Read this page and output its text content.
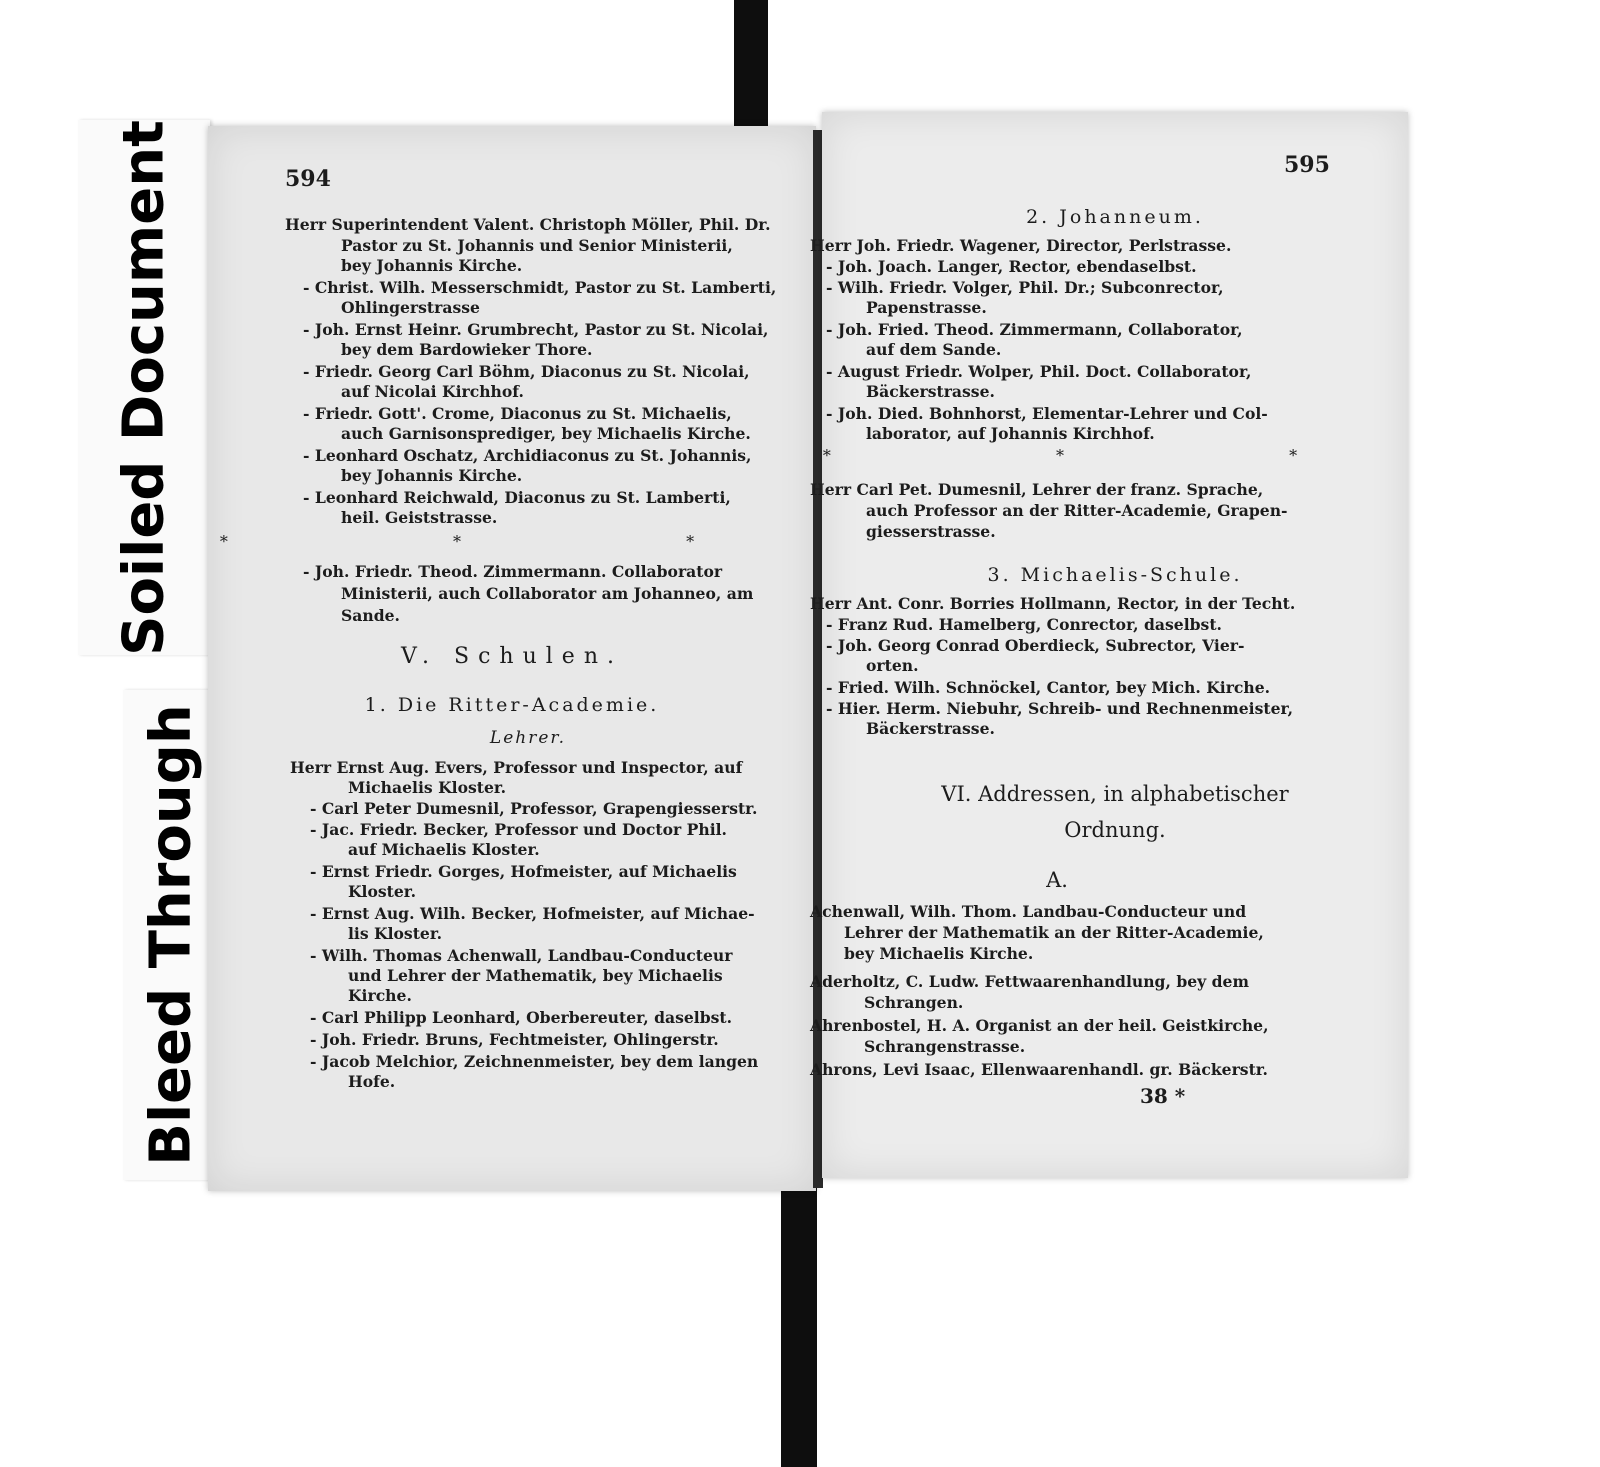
Soiled Document
Bleed Through
594
Herr Superintendent Valent. Christoph Möller, Phil. Dr.
Pastor zu St. Johannis und Senior Ministerii,
bey Johannis Kirche.
- Christ. Wilh. Messerschmidt, Pastor zu St. Lamberti,
Ohlingerstrasse
- Joh. Ernst Heinr. Grumbrecht, Pastor zu St. Nicolai,
bey dem Bardowieker Thore.
- Friedr. Georg Carl Böhm, Diaconus zu St. Nicolai,
auf Nicolai Kirchhof.
- Friedr. Gott'. Crome, Diaconus zu St. Michaelis,
auch Garnisonsprediger, bey Michaelis Kirche.
- Leonhard Oschatz, Archidiaconus zu St. Johannis,
bey Johannis Kirche.
- Leonhard Reichwald, Diaconus zu St. Lamberti,
heil. Geiststrasse.
* * *
- Joh. Friedr. Theod. Zimmermann. Collaborator
Ministerii, auch Collaborator am Johanneo, am
Sande.
V. Schulen.
1. Die Ritter-Academie.
Lehrer.
Herr Ernst Aug. Evers, Professor und Inspector, auf
Michaelis Kloster.
- Carl Peter Dumesnil, Professor, Grapengiesserstr.
- Jac. Friedr. Becker, Professor und Doctor Phil.
auf Michaelis Kloster.
- Ernst Friedr. Gorges, Hofmeister, auf Michaelis
Kloster.
- Ernst Aug. Wilh. Becker, Hofmeister, auf Michae-
lis Kloster.
- Wilh. Thomas Achenwall, Landbau-Conducteur
und Lehrer der Mathematik, bey Michaelis
Kirche.
- Carl Philipp Leonhard, Oberbereuter, daselbst.
- Joh. Friedr. Bruns, Fechtmeister, Ohlingerstr.
- Jacob Melchior, Zeichnenmeister, bey dem langen
Hofe.
595
2. Johanneum.
Herr Joh. Friedr. Wagener, Director, Perlstrasse.
- Joh. Joach. Langer, Rector, ebendaselbst.
- Wilh. Friedr. Volger, Phil. Dr.; Subconrector,
Papenstrasse.
- Joh. Fried. Theod. Zimmermann, Collaborator,
auf dem Sande.
- August Friedr. Wolper, Phil. Doct. Collaborator,
Bäckerstrasse.
- Joh. Died. Bohnhorst, Elementar-Lehrer und Col-
laborator, auf Johannis Kirchhof.
* * *
Herr Carl Pet. Dumesnil, Lehrer der franz. Sprache,
auch Professor an der Ritter-Academie, Grapen-
giesserstrasse.
3. Michaelis-Schule.
Herr Ant. Conr. Borries Hollmann, Rector, in der Techt.
- Franz Rud. Hamelberg, Conrector, daselbst.
- Joh. Georg Conrad Oberdieck, Subrector, Vier-
orten.
- Fried. Wilh. Schnöckel, Cantor, bey Mich. Kirche.
- Hier. Herm. Niebuhr, Schreib- und Rechnenmeister,
Bäckerstrasse.
VI. Addressen, in alphabetischer
Ordnung.
A.
Achenwall, Wilh. Thom. Landbau-Conducteur und
Lehrer der Mathematik an der Ritter-Academie,
bey Michaelis Kirche.
Aderholtz, C. Ludw. Fettwaarenhandlung, bey dem
Schrangen.
Ahrenbostel, H. A. Organist an der heil. Geistkirche,
Schrangenstrasse.
Ahrons, Levi Isaac, Ellenwaarenhandl. gr. Bäckerstr.
38 *
